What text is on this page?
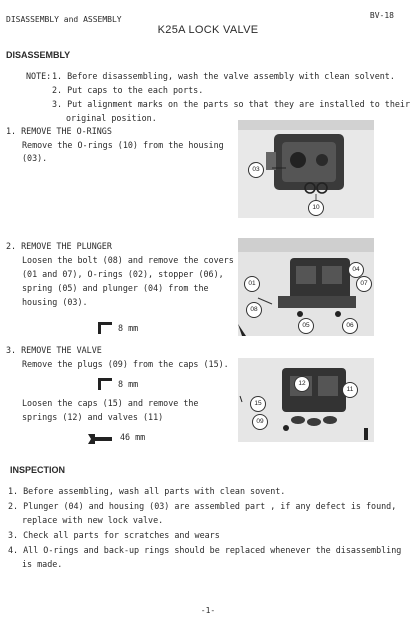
DISASSEMBLY and ASSEMBLY	BV-18
K25A LOCK VALVE
DISASSEMBLY
NOTE: 1. Before disassembling, wash the valve assembly with clean solvent.
2. Put caps to the each ports.
3. Put alignment marks on the parts so that they are installed to their
original position.
1. REMOVE THE O-RINGS
Remove the O-rings (10) from the housing
(03).
03
10
2. REMOVE THE PLUNGER
Loosen the bolt (08) and remove the covers
(01 and 07), O-rings (02), stopper (06),
spring (05) and plunger (04) from the
housing (03).
8 mm
01
04
07
08
05	06
3. REMOVE THE VALVE
Remove the plugs (09) from the caps (15).
8 mm
Loosen the caps (15) and remove the
springs (12) and valves (11)
46 mm
12
11
15
09
INSPECTION
1. Before assembling, wash all parts with clean sovent.
2. Plunger (04) and housing (03) are assembled part , if any defect is found,
replace with new lock valve.
3. Check all parts for scratches and wears
4. All O-rings and back-up rings should be replaced whenever the disassembling
is made.
-1-
